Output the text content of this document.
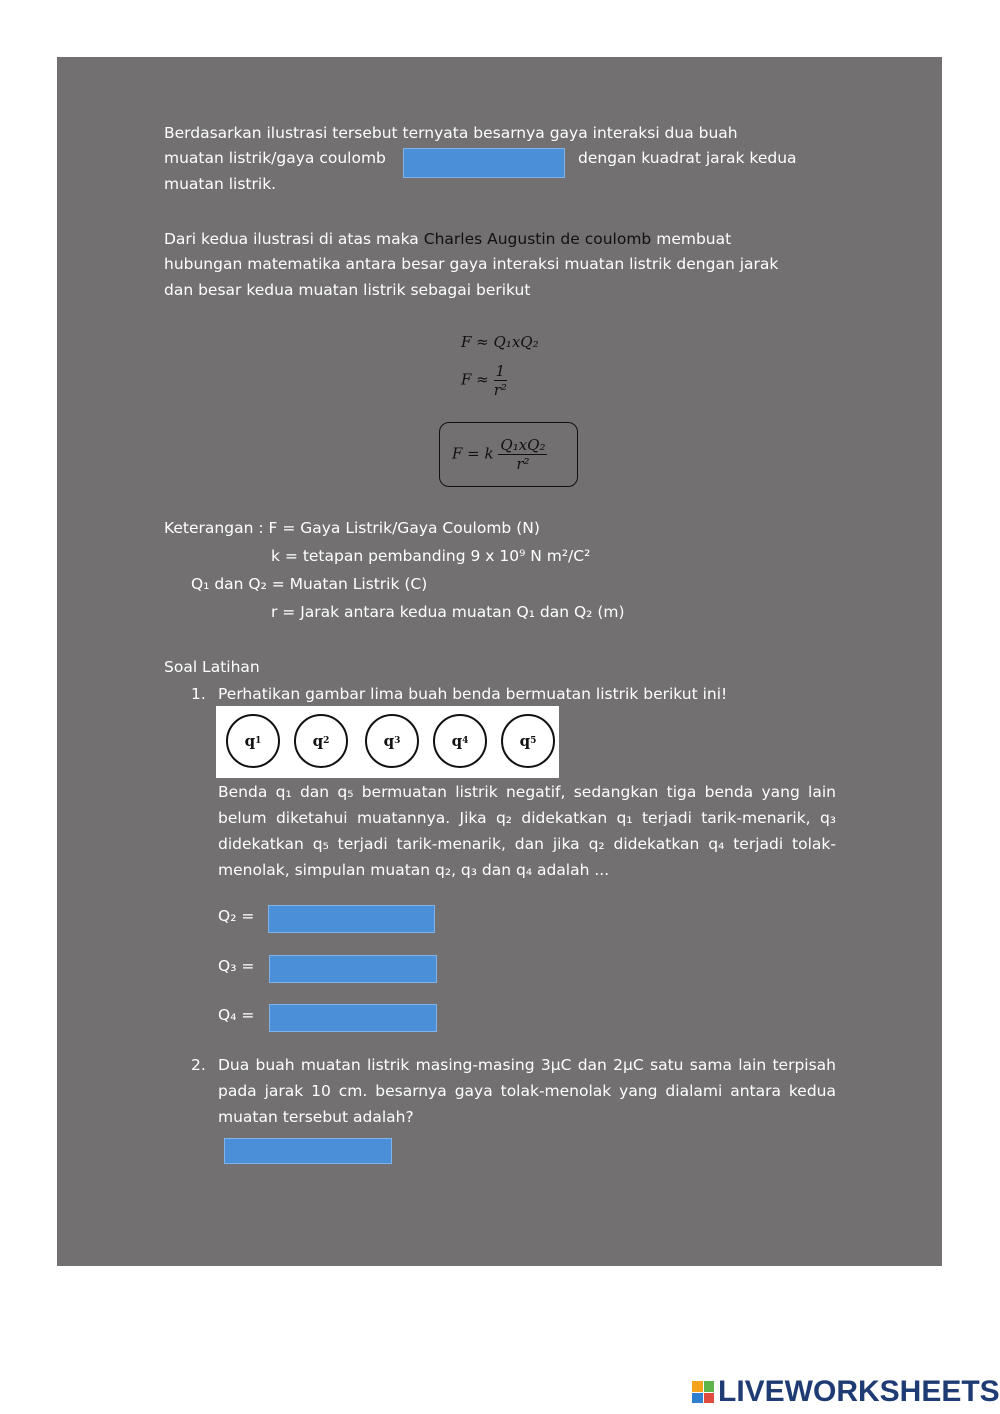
Berdasarkan ilustrasi tersebut ternyata besarnya gaya interaksi dua buah
muatan listrik/gaya coulomb	dengan kuadrat jarak kedua
muatan listrik.
Dari kedua ilustrasi di atas maka Charles Augustin de coulomb membuat
hubungan matematika antara besar gaya interaksi muatan listrik dengan jarak
dan besar kedua muatan listrik sebagai berikut
F ≈ Q₁xQ₂
$F \approx \frac{1}{\text{r²}}$
F = k $\frac{\text{Q₁xQ₂}}{\text{r²}}$
Keterangan : F = Gaya Listrik/Gaya Coulomb (N)
k = tetapan pembanding 9 x 10⁹ N m²/C²
Q₁ dan Q₂ = Muatan Listrik (C)
r = Jarak antara kedua muatan Q₁ dan Q₂ (m)
Soal Latihan
1. Perhatikan gambar lima buah benda bermuatan listrik berikut ini!
q 1	q 2	q 3	q 4	q 5
Benda q₁ dan q₅ bermuatan listrik negatif, sedangkan tiga benda yang lain belum diketahui muatannya. Jika q₂ didekatkan q₁ terjadi tarik-menarik, q₃ didekatkan q₅ terjadi tarik-menarik, dan jika q₂ didekatkan q₄ terjadi tolak-menolak, simpulan muatan q₂, q₃ dan q₄ adalah ...
Q₂ =
Q₃ =
Q₄ =
2. Dua buah muatan listrik masing-masing 3μC dan 2μC satu sama lain terpisah pada jarak 10 cm. besarnya gaya tolak-menolak yang dialami antara kedua muatan tersebut adalah?
LIVEWORKSHEETS
